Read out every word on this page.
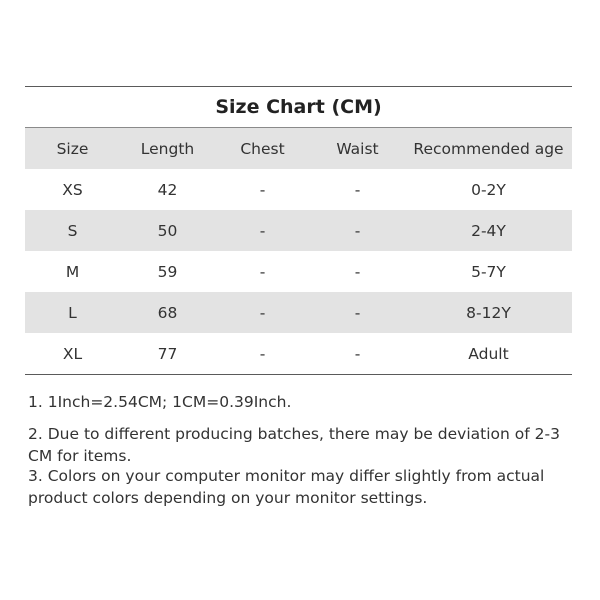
Size Chart (CM)
Size	Length	Chest	Waist	Recommended age
XS	42	-	-	0-2Y
S	50	-	-	2-4Y
M	59	-	-	5-7Y
L	68	-	-	8-12Y
XL	77	-	-	Adult
1. 1Inch=2.54CM; 1CM=0.39Inch.
2. Due to different producing batches, there may be deviation of 2-3 CM for items.
3. Colors on your computer monitor may differ slightly from actual product colors depending on your monitor settings.
